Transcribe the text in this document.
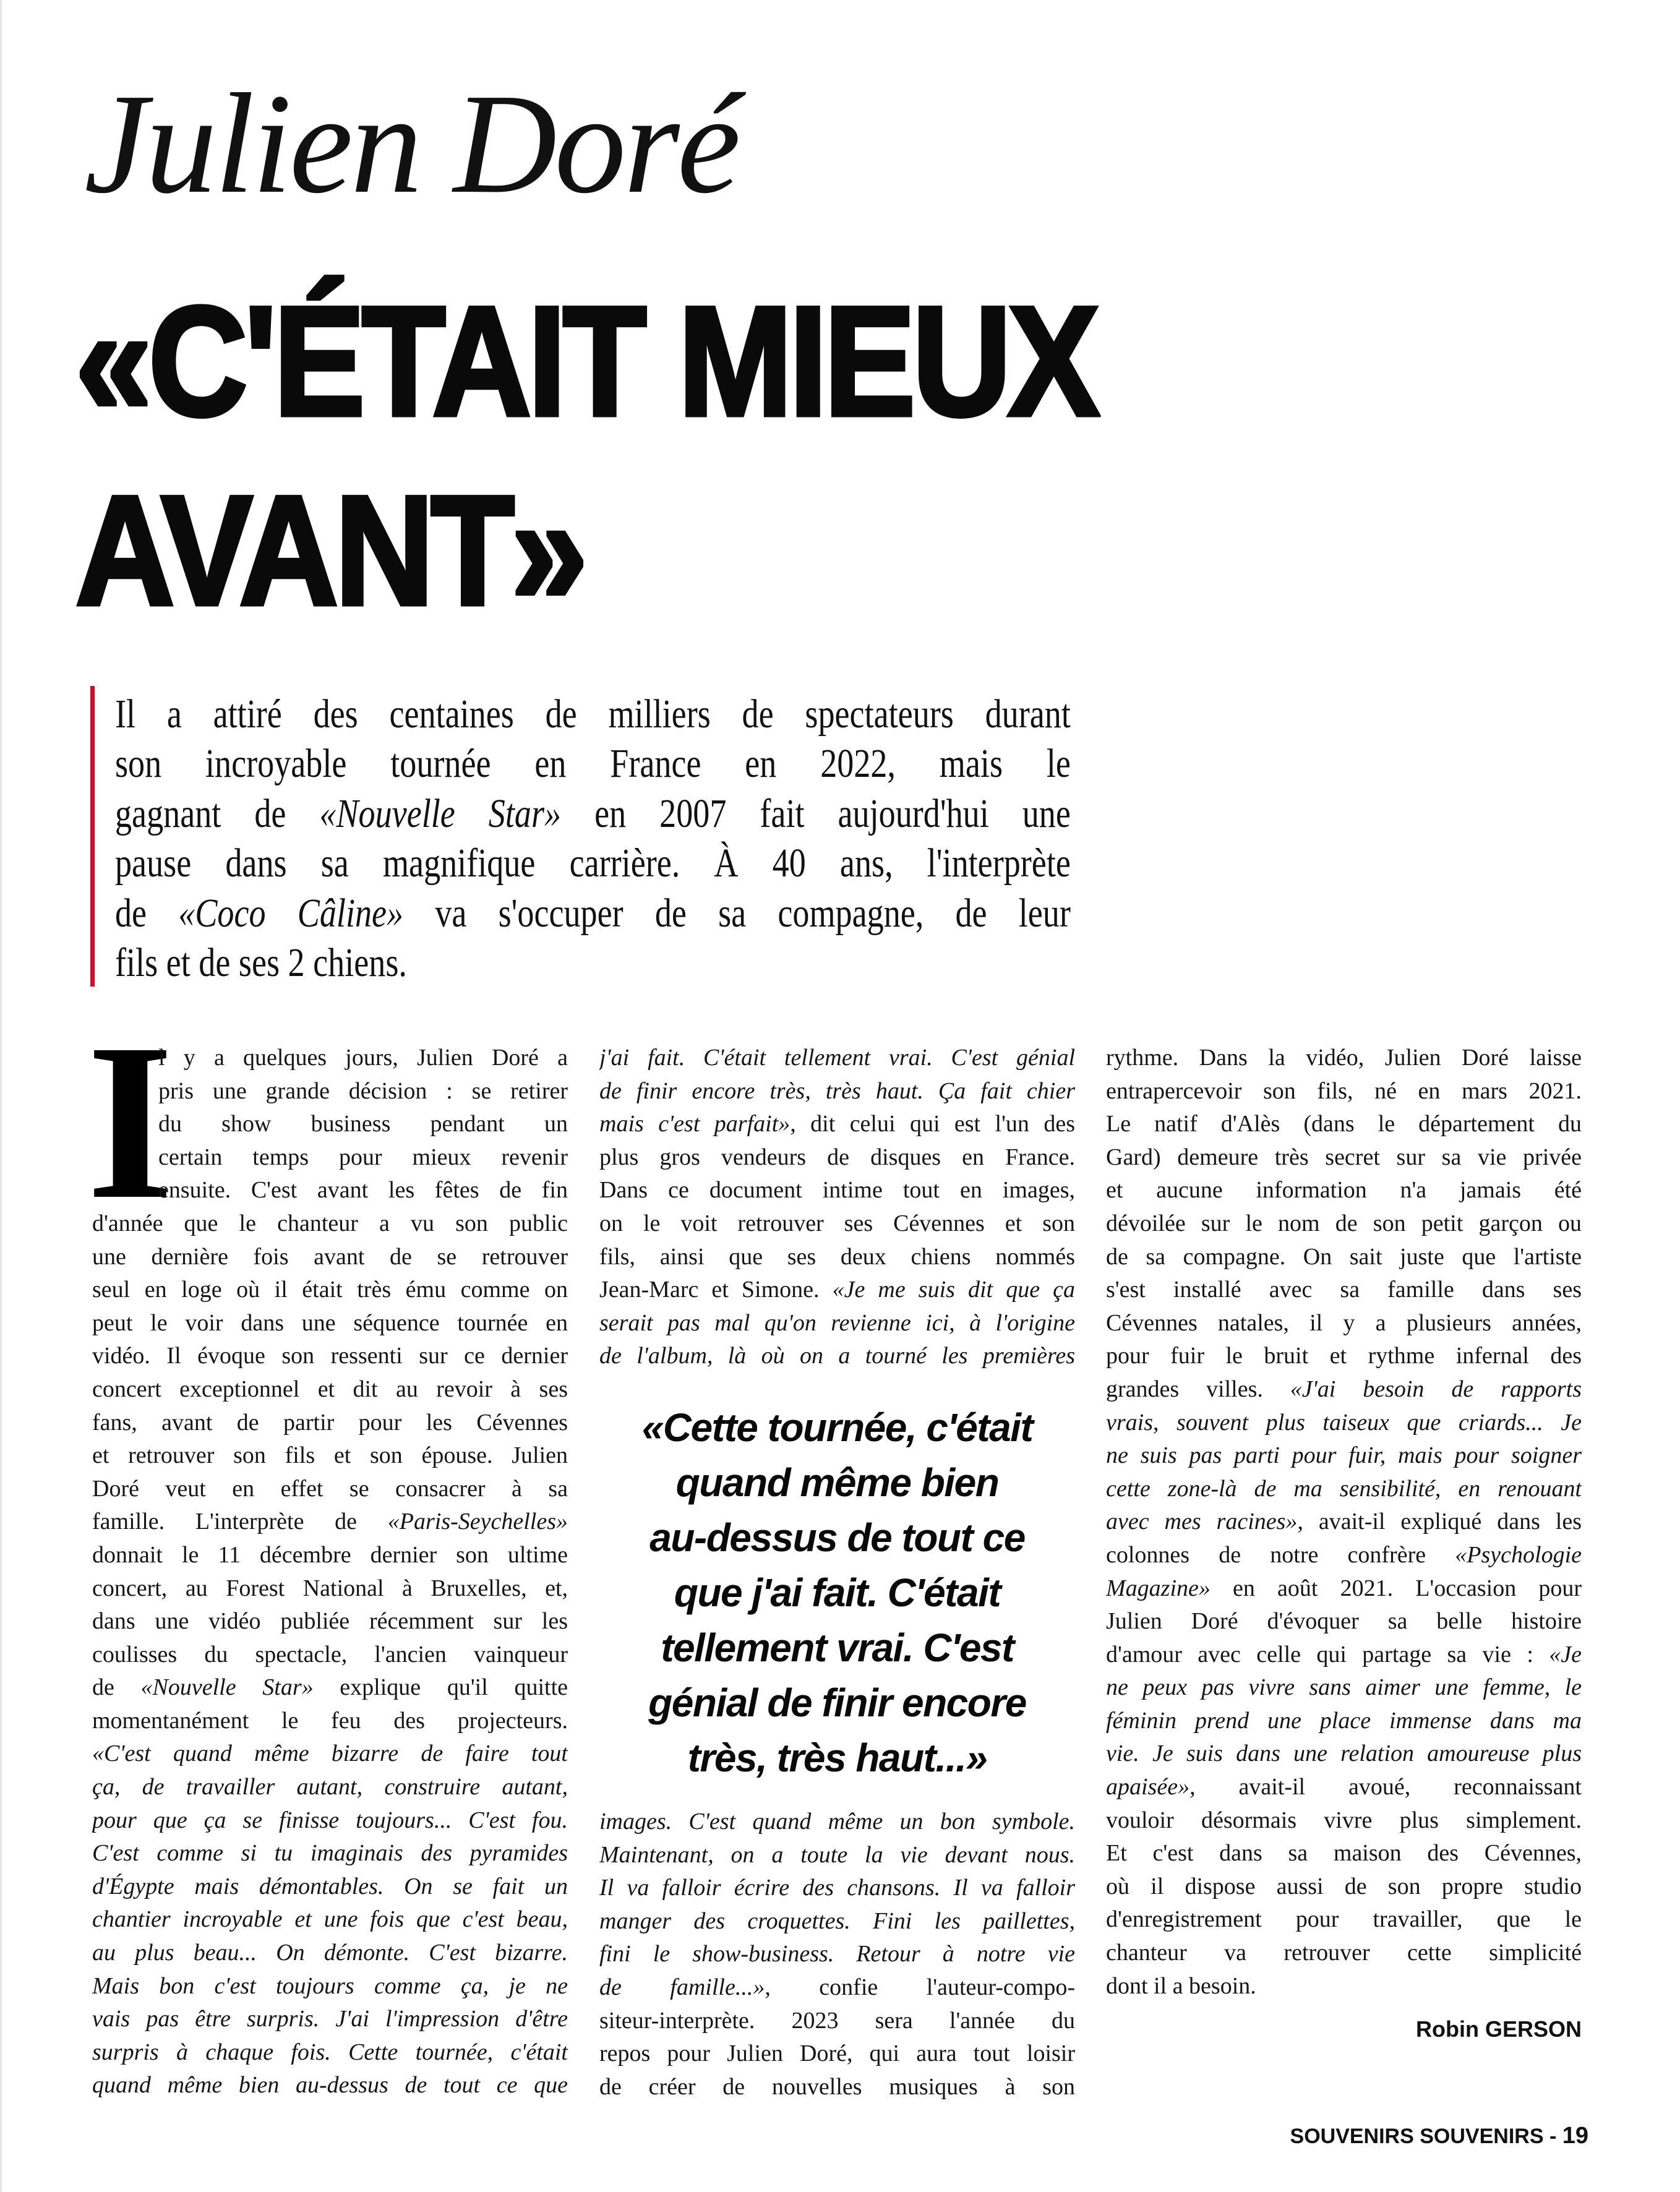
Julien Doré
«C'ÉTAIT MIEUX
AVANT»
Il a attiré des centaines de milliers de spectateurs durant
son incroyable tournée en France en 2022, mais le
gagnant de «Nouvelle Star» en 2007 fait aujourd'hui une
pause dans sa magnifique carrière. À 40 ans, l'interprète
de «Coco Câline» va s'occuper de sa compagne, de leur
fils et de ses 2 chiens.
I
l y a quelques jours, Julien Doré a
pris une grande décision : se retirer
du show business pendant un
certain temps pour mieux revenir
ensuite. C'est avant les fêtes de fin
d'année que le chanteur a vu son public
une dernière fois avant de se retrouver
seul en loge où il était très ému comme on
peut le voir dans une séquence tournée en
vidéo. Il évoque son ressenti sur ce dernier
concert exceptionnel et dit au revoir à ses
fans, avant de partir pour les Cévennes
et retrouver son fils et son épouse. Julien
Doré veut en effet se consacrer à sa
famille. L'interprète de «Paris-Seychelles»
donnait le 11 décembre dernier son ultime
concert, au Forest National à Bruxelles, et,
dans une vidéo publiée récemment sur les
coulisses du spectacle, l'ancien vainqueur
de «Nouvelle Star» explique qu'il quitte
momentanément le feu des projecteurs.
«C'est quand même bizarre de faire tout
ça, de travailler autant, construire autant,
pour que ça se finisse toujours... C'est fou.
C'est comme si tu imaginais des pyramides
d'Égypte mais démontables. On se fait un
chantier incroyable et une fois que c'est beau,
au plus beau... On démonte. C'est bizarre.
Mais bon c'est toujours comme ça, je ne
vais pas être surpris. J'ai l'impression d'être
surpris à chaque fois. Cette tournée, c'était
quand même bien au-dessus de tout ce que
j'ai fait. C'était tellement vrai. C'est génial
de finir encore très, très haut. Ça fait chier
mais c'est parfait», dit celui qui est l'un des
plus gros vendeurs de disques en France.
Dans ce document intime tout en images,
on le voit retrouver ses Cévennes et son
fils, ainsi que ses deux chiens nommés
Jean-Marc et Simone. «Je me suis dit que ça
serait pas mal qu'on revienne ici, à l'origine
de l'album, là où on a tourné les premières
«Cette tournée, c'était
quand même bien
au-dessus de tout ce
que j'ai fait. C'était
tellement vrai. C'est
génial de finir encore
très, très haut...»
images. C'est quand même un bon symbole.
Maintenant, on a toute la vie devant nous.
Il va falloir écrire des chansons. Il va falloir
manger des croquettes. Fini les paillettes,
fini le show-business. Retour à notre vie
de famille...», confie l'auteur-compo-
siteur-interprète. 2023 sera l'année du
repos pour Julien Doré, qui aura tout loisir
de créer de nouvelles musiques à son
rythme. Dans la vidéo, Julien Doré laisse
entrapercevoir son fils, né en mars 2021.
Le natif d'Alès (dans le département du
Gard) demeure très secret sur sa vie privée
et aucune information n'a jamais été
dévoilée sur le nom de son petit garçon ou
de sa compagne. On sait juste que l'artiste
s'est installé avec sa famille dans ses
Cévennes natales, il y a plusieurs années,
pour fuir le bruit et rythme infernal des
grandes villes. «J'ai besoin de rapports
vrais, souvent plus taiseux que criards... Je
ne suis pas parti pour fuir, mais pour soigner
cette zone-là de ma sensibilité, en renouant
avec mes racines», avait-il expliqué dans les
colonnes de notre confrère «Psychologie
Magazine» en août 2021. L'occasion pour
Julien Doré d'évoquer sa belle histoire
d'amour avec celle qui partage sa vie : «Je
ne peux pas vivre sans aimer une femme, le
féminin prend une place immense dans ma
vie. Je suis dans une relation amoureuse plus
apaisée», avait-il avoué, reconnaissant
vouloir désormais vivre plus simplement.
Et c'est dans sa maison des Cévennes,
où il dispose aussi de son propre studio
d'enregistrement pour travailler, que le
chanteur va retrouver cette simplicité
dont il a besoin.
Robin GERSON
SOUVENIRS SOUVENIRS - 19
